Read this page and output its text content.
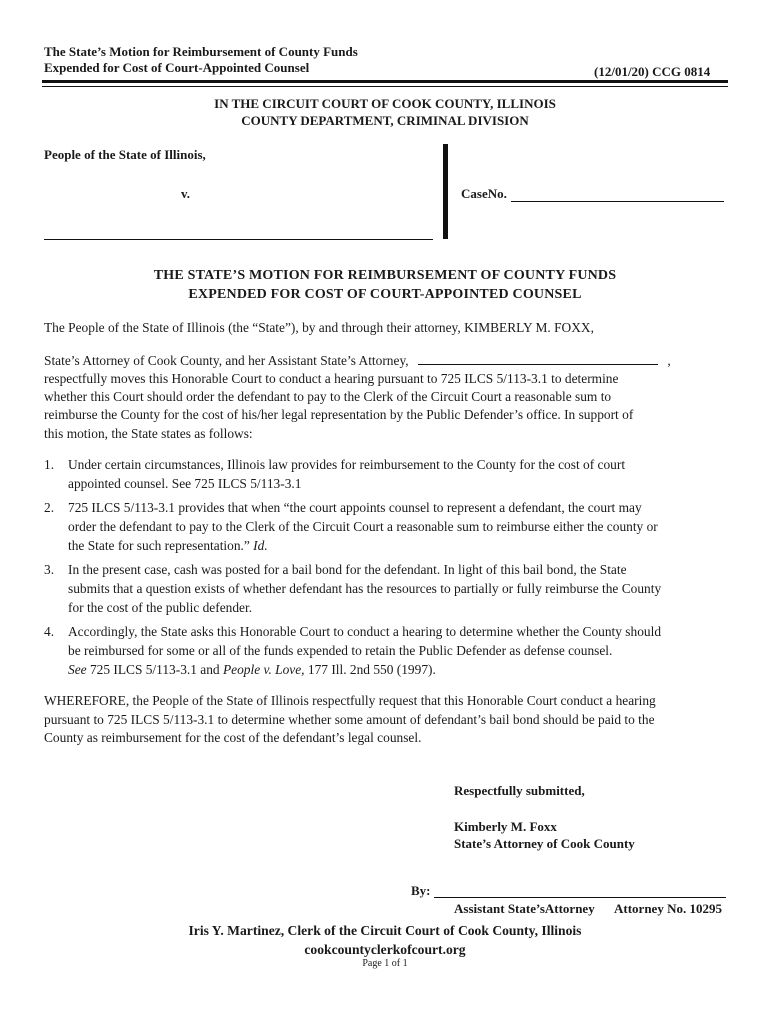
The State’s Motion for Reimbursement of County Funds
Expended for Cost of Court-Appointed Counsel	(12/01/20) CCG 0814
IN THE CIRCUIT COURT OF COOK COUNTY, ILLINOIS
COUNTY DEPARTMENT, CRIMINAL DIVISION
People of the State of Illinois,
v.	CaseNo.
THE STATE’S MOTION FOR REIMBURSEMENT OF COUNTY FUNDS
EXPENDED FOR COST OF COURT-APPOINTED COUNSEL
The People of the State of Illinois (the “State”), by and through their attorney, KIMBERLY M. FOXX,
State’s Attorney of Cook County, and her Assistant State’s Attorney,	,
respectfully moves this Honorable Court to conduct a hearing pursuant to 725 ILCS 5/113-3.1 to determine
whether this Court should order the defendant to pay to the Clerk of the Circuit Court a reasonable sum to
reimburse the County for the cost of his/her legal representation by the Public Defender’s office. In support of
this motion, the State states as follows:
1. Under certain circumstances, Illinois law provides for reimbursement to the County for the cost of court
appointed counsel. See 725 ILCS 5/113-3.1
2. 725 ILCS 5/113-3.1 provides that when “the court appoints counsel to represent a defendant, the court may
order the defendant to pay to the Clerk of the Circuit Court a reasonable sum to reimburse either the county or
the State for such representation.” Id.
3. In the present case, cash was posted for a bail bond for the defendant. In light of this bail bond, the State
submits that a question exists of whether defendant has the resources to partially or fully reimburse the County
for the cost of the public defender.
4. Accordingly, the State asks this Honorable Court to conduct a hearing to determine whether the County should
be reimbursed for some or all of the funds expended to retain the Public Defender as defense counsel.
See 725 ILCS 5/113-3.1 and People v. Love, 177 Ill. 2nd 550 (1997).
WHEREFORE, the People of the State of Illinois respectfully request that this Honorable Court conduct a hearing
pursuant to 725 ILCS 5/113-3.1 to determine whether some amount of defendant’s bail bond should be paid to the
County as reimbursement for the cost of the defendant’s legal counsel.
Respectfully submitted,
Kimberly M. Foxx
State’s Attorney of Cook County
By:
Assistant State’sAttorney Attorney No. 10295
Iris Y. Martinez, Clerk of the Circuit Court of Cook County, Illinois
cookcountyclerkofcourt.org
Page 1 of 1
